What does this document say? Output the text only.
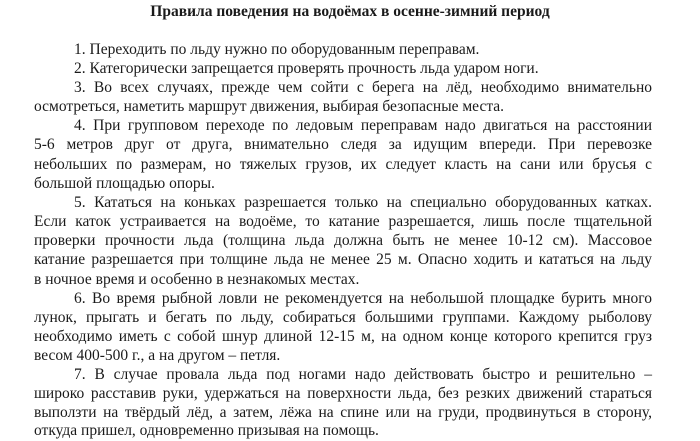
Правила поведения на водоёмах в осенне-зимний период
1. Переходить по льду нужно по оборудованным переправам.
2. Категорически запрещается проверять прочность льда ударом ноги.
3. Во всех случаях, прежде чем сойти с берега на лёд, необходимо внимательно
осмотреться, наметить маршрут движения, выбирая безопасные места.
4. При групповом переходе по ледовым переправам надо двигаться на расстоянии
5-6 метров друг от друга, внимательно следя за идущим впереди. При перевозке
небольших по размерам, но тяжелых грузов, их следует класть на сани или брусья с
большой площадью опоры.
5. Кататься на коньках разрешается только на специально оборудованных катках.
Если каток устраивается на водоёме, то катание разрешается, лишь после тщательной
проверки прочности льда (толщина льда должна быть не менее 10-12 см). Массовое
катание разрешается при толщине льда не менее 25 м. Опасно ходить и кататься на льду
в ночное время и особенно в незнакомых местах.
6. Во время рыбной ловли не рекомендуется на небольшой площадке бурить много
лунок, прыгать и бегать по льду, собираться большими группами. Каждому рыболову
необходимо иметь с собой шнур длиной 12-15 м, на одном конце которого крепится груз
весом 400-500 г., а на другом – петля.
7. В случае провала льда под ногами надо действовать быстро и решительно –
широко расставив руки, удержаться на поверхности льда, без резких движений стараться
выползти на твёрдый лёд, а затем, лёжа на спине или на груди, продвинуться в сторону,
откуда пришел, одновременно призывая на помощь.
